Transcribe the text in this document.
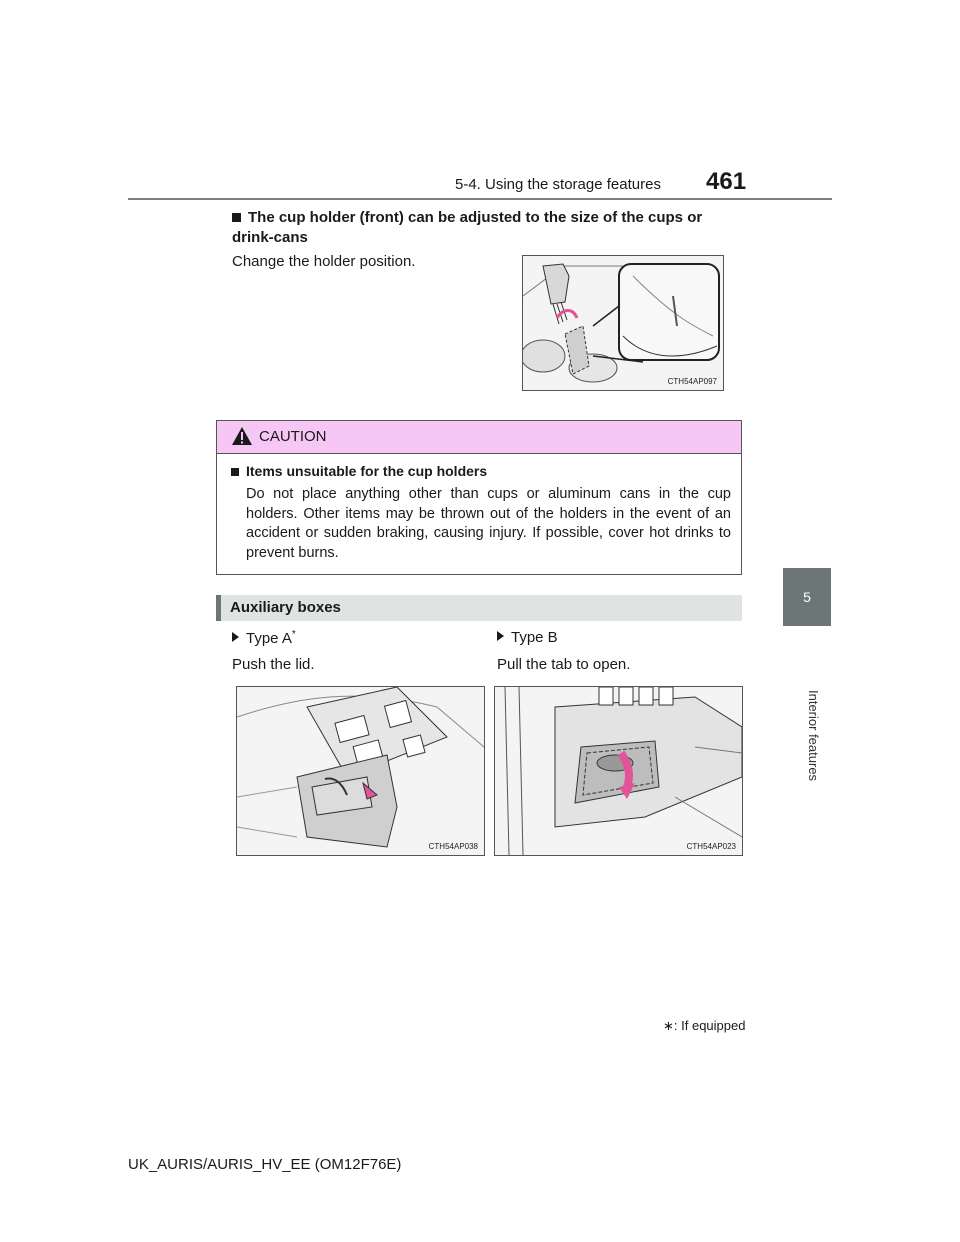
5-4. Using the storage features 461
5
Interior features
The cup holder (front) can be adjusted to the size of the cups or drink-cans
Change the holder position.
CTH54AP097
CAUTION
Items unsuitable for the cup holders
Do not place anything other than cups or aluminum cans in the cup holders. Other items may be thrown out of the holders in the event of an accident or sudden braking, causing injury. If possible, cover hot drinks to prevent burns.
Auxiliary boxes
Type A*
Push the lid.
Type B
Pull the tab to open.
CTH54AP038	CTH54AP023
∗: If equipped
UK_AURIS/AURIS_HV_EE (OM12F76E)
